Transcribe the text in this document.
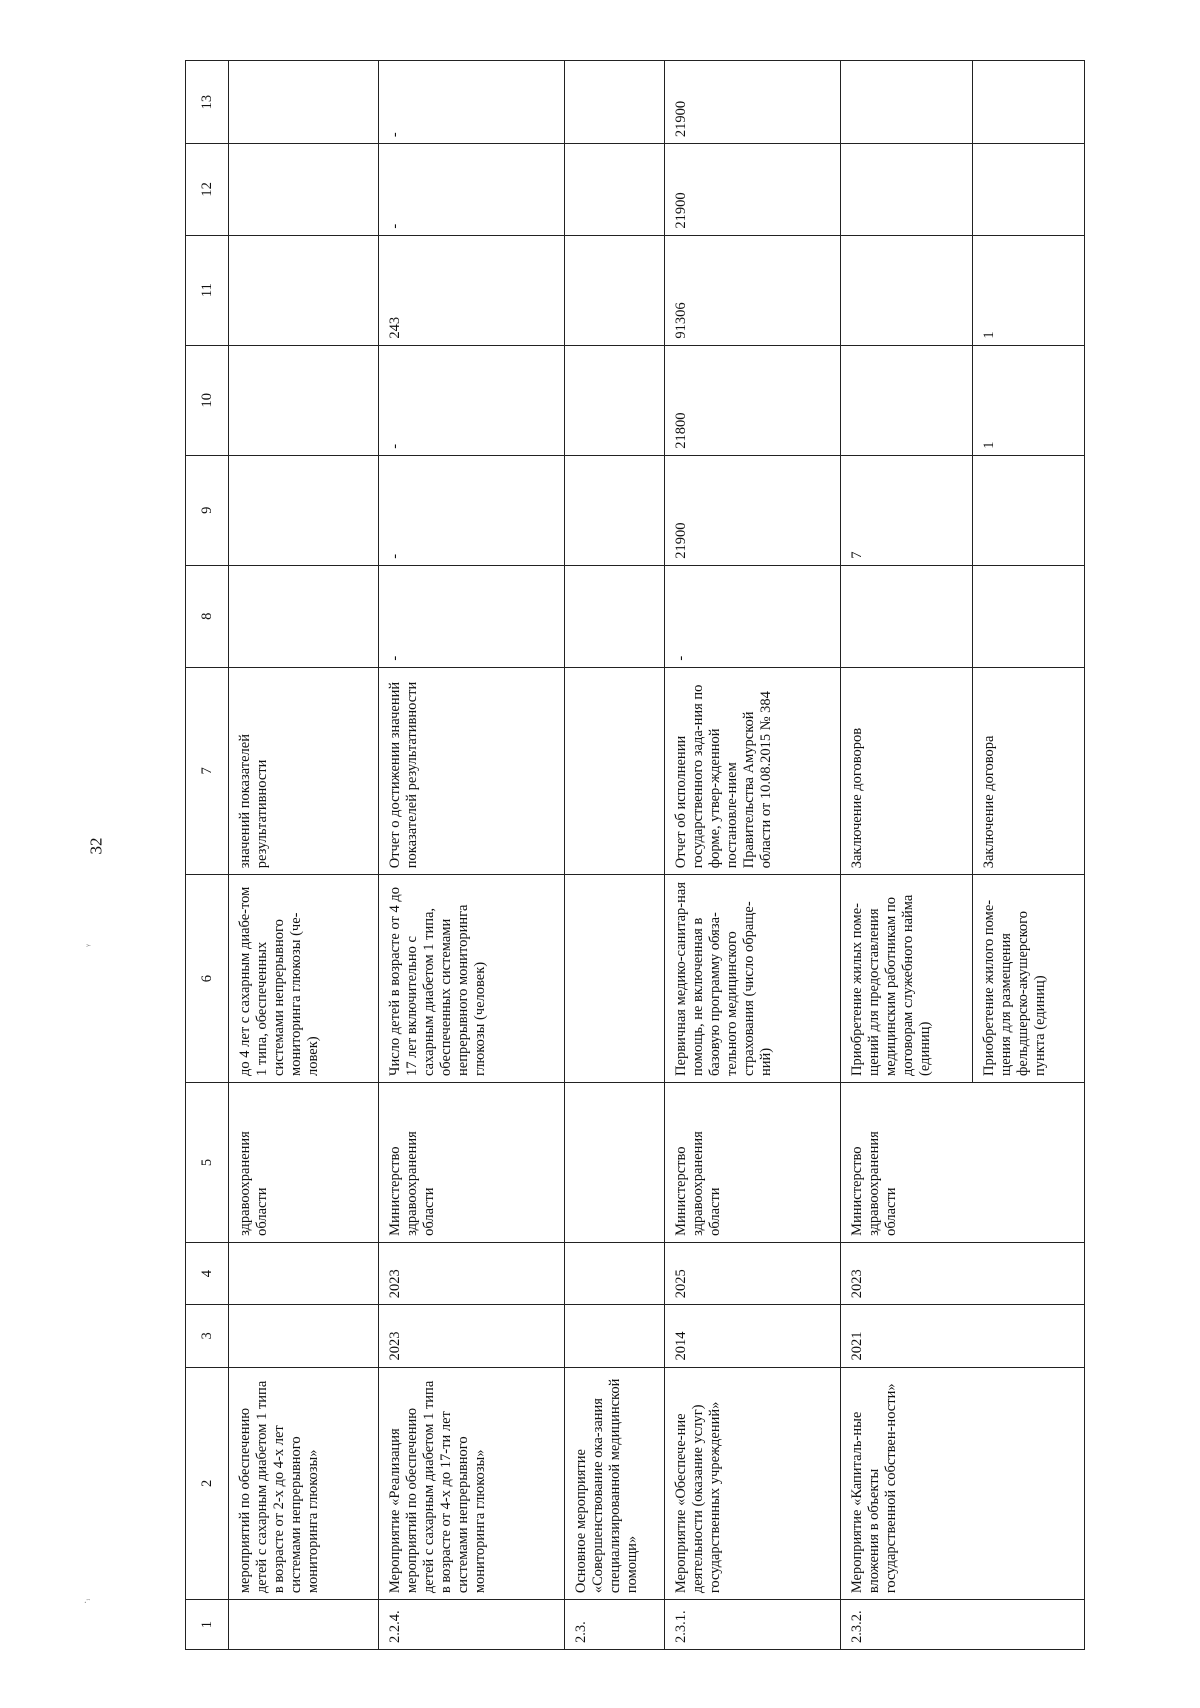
32
ᵞ
·ᵢ
1	2	3	4	5	6	7	8	9	10	11	12	13
	мероприятий по обеспечению детей с сахарным диабетом 1 типа в возрасте от 2-х до 4-х лет системами непрерывного мониторинга глюкозы»			здравоохранения области	до 4 лет с сахарным диабе-том 1 типа, обеспеченных системами непрерывного мониторинга глюкозы (че-ловек)	значений показателей результативности						
2.2.4.	Мероприятие «Реализация мероприятий по обеспечению детей с сахарным диабетом 1 типа в возрасте от 4-х до 17-ти лет системами непрерывного мониторинга глюкозы»	2023	2023	Министерство здравоохранения области	Число детей в возрасте от 4 до 17 лет включительно с сахарным диабетом 1 типа, обеспеченных системами непрерывного мониторинга глюкозы (человек)	Отчет о достижении значений показателей результативности	-	-	-	243	-	-
2.3.	Основное мероприятие «Совершенствование ока-зания специализированной медицинской помощи»											
2.3.1.	Мероприятие «Обеспече-ние деятельности (оказание услуг) государственных учреждений»	2014	2025	Министерство здравоохранения области	Первичная медико-санитар-ная помощь, не включенная в базовую программу обяза-тельного медицинского страхования (число обраще-ний)	Отчет об исполнении государственного зада-ния по форме, утвер-жденной постановле-нием Правительства Амурской области от 10.08.2015 № 384	-	21900	21800	91306	21900	21900
2.3.2.	Мероприятие «Капиталь-ные вложения в объекты государственной собствен-ности»	2021	2023	Министерство здравоохранения области	Приобретение жилых поме-щений для предоставления медицинским работникам по договорам служебного найма (единиц)	Заключение договоров		7				
					Приобретение жилого поме-щения для размещения фельдшерско-акушерского пункта (единиц)	Заключение договора			1	1		
